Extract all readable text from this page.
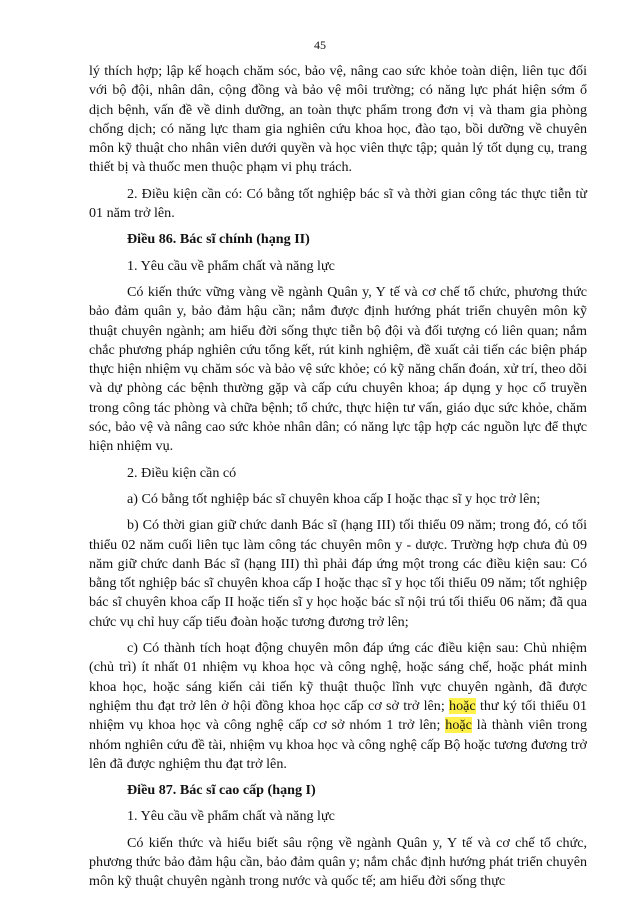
45

lý thích hợp; lập kế hoạch chăm sóc, bảo vệ, nâng cao sức khỏe toàn diện, liên tục đối với bộ đội, nhân dân, cộng đồng và bảo vệ môi trường; có năng lực phát hiện sớm ổ dịch bệnh, vấn đề về dinh dưỡng, an toàn thực phẩm trong đơn vị và tham gia phòng chống dịch; có năng lực tham gia nghiên cứu khoa học, đào tạo, bồi dưỡng về chuyên môn kỹ thuật cho nhân viên dưới quyền và học viên thực tập; quản lý tốt dụng cụ, trang thiết bị và thuốc men thuộc phạm vi phụ trách.

2. Điều kiện cần có: Có bằng tốt nghiệp bác sĩ và thời gian công tác thực tiễn từ 01 năm trở lên.

Điều 86. Bác sĩ chính (hạng II)

1. Yêu cầu về phẩm chất và năng lực

Có kiến thức vững vàng về ngành Quân y, Y tế và cơ chế tổ chức, phương thức bảo đảm quân y, bảo đảm hậu cần; nắm được định hướng phát triển chuyên môn kỹ thuật chuyên ngành; am hiểu đời sống thực tiễn bộ đội và đối tượng có liên quan; nắm chắc phương pháp nghiên cứu tổng kết, rút kinh nghiệm, đề xuất cải tiến các biện pháp thực hiện nhiệm vụ chăm sóc và bảo vệ sức khỏe; có kỹ năng chẩn đoán, xử trí, theo dõi và dự phòng các bệnh thường gặp và cấp cứu chuyên khoa; áp dụng y học cổ truyền trong công tác phòng và chữa bệnh; tổ chức, thực hiện tư vấn, giáo dục sức khỏe, chăm sóc, bảo vệ và nâng cao sức khỏe nhân dân; có năng lực tập hợp các nguồn lực để thực hiện nhiệm vụ.

2. Điều kiện cần có

a) Có bằng tốt nghiệp bác sĩ chuyên khoa cấp I hoặc thạc sĩ y học trở lên;

b) Có thời gian giữ chức danh Bác sĩ (hạng III) tối thiểu 09 năm; trong đó, có tối thiểu 02 năm cuối liên tục làm công tác chuyên môn y - dược. Trường hợp chưa đủ 09 năm giữ chức danh Bác sĩ (hạng III) thì phải đáp ứng một trong các điều kiện sau: Có bằng tốt nghiệp bác sĩ chuyên khoa cấp I hoặc thạc sĩ y học tối thiểu 09 năm; tốt nghiệp bác sĩ chuyên khoa cấp II hoặc tiến sĩ y học hoặc bác sĩ nội trú tối thiểu 06 năm; đã qua chức vụ chỉ huy cấp tiểu đoàn hoặc tương đương trở lên;

c) Có thành tích hoạt động chuyên môn đáp ứng các điều kiện sau: Chủ nhiệm (chủ trì) ít nhất 01 nhiệm vụ khoa học và công nghệ, hoặc sáng chế, hoặc phát minh khoa học, hoặc sáng kiến cải tiến kỹ thuật thuộc lĩnh vực chuyên ngành, đã được nghiệm thu đạt trở lên ở hội đồng khoa học cấp cơ sở trở lên; hoặc thư ký tối thiểu 01 nhiệm vụ khoa học và công nghệ cấp cơ sở nhóm 1 trở lên; hoặc là thành viên trong nhóm nghiên cứu đề tài, nhiệm vụ khoa học và công nghệ cấp Bộ hoặc tương đương trở lên đã được nghiệm thu đạt trở lên.

Điều 87. Bác sĩ cao cấp (hạng I)

1. Yêu cầu về phẩm chất và năng lực

Có kiến thức và hiểu biết sâu rộng về ngành Quân y, Y tế và cơ chế tổ chức, phương thức bảo đảm hậu cần, bảo đảm quân y; nắm chắc định hướng phát triển chuyên môn kỹ thuật chuyên ngành trong nước và quốc tế; am hiểu đời sống thực
